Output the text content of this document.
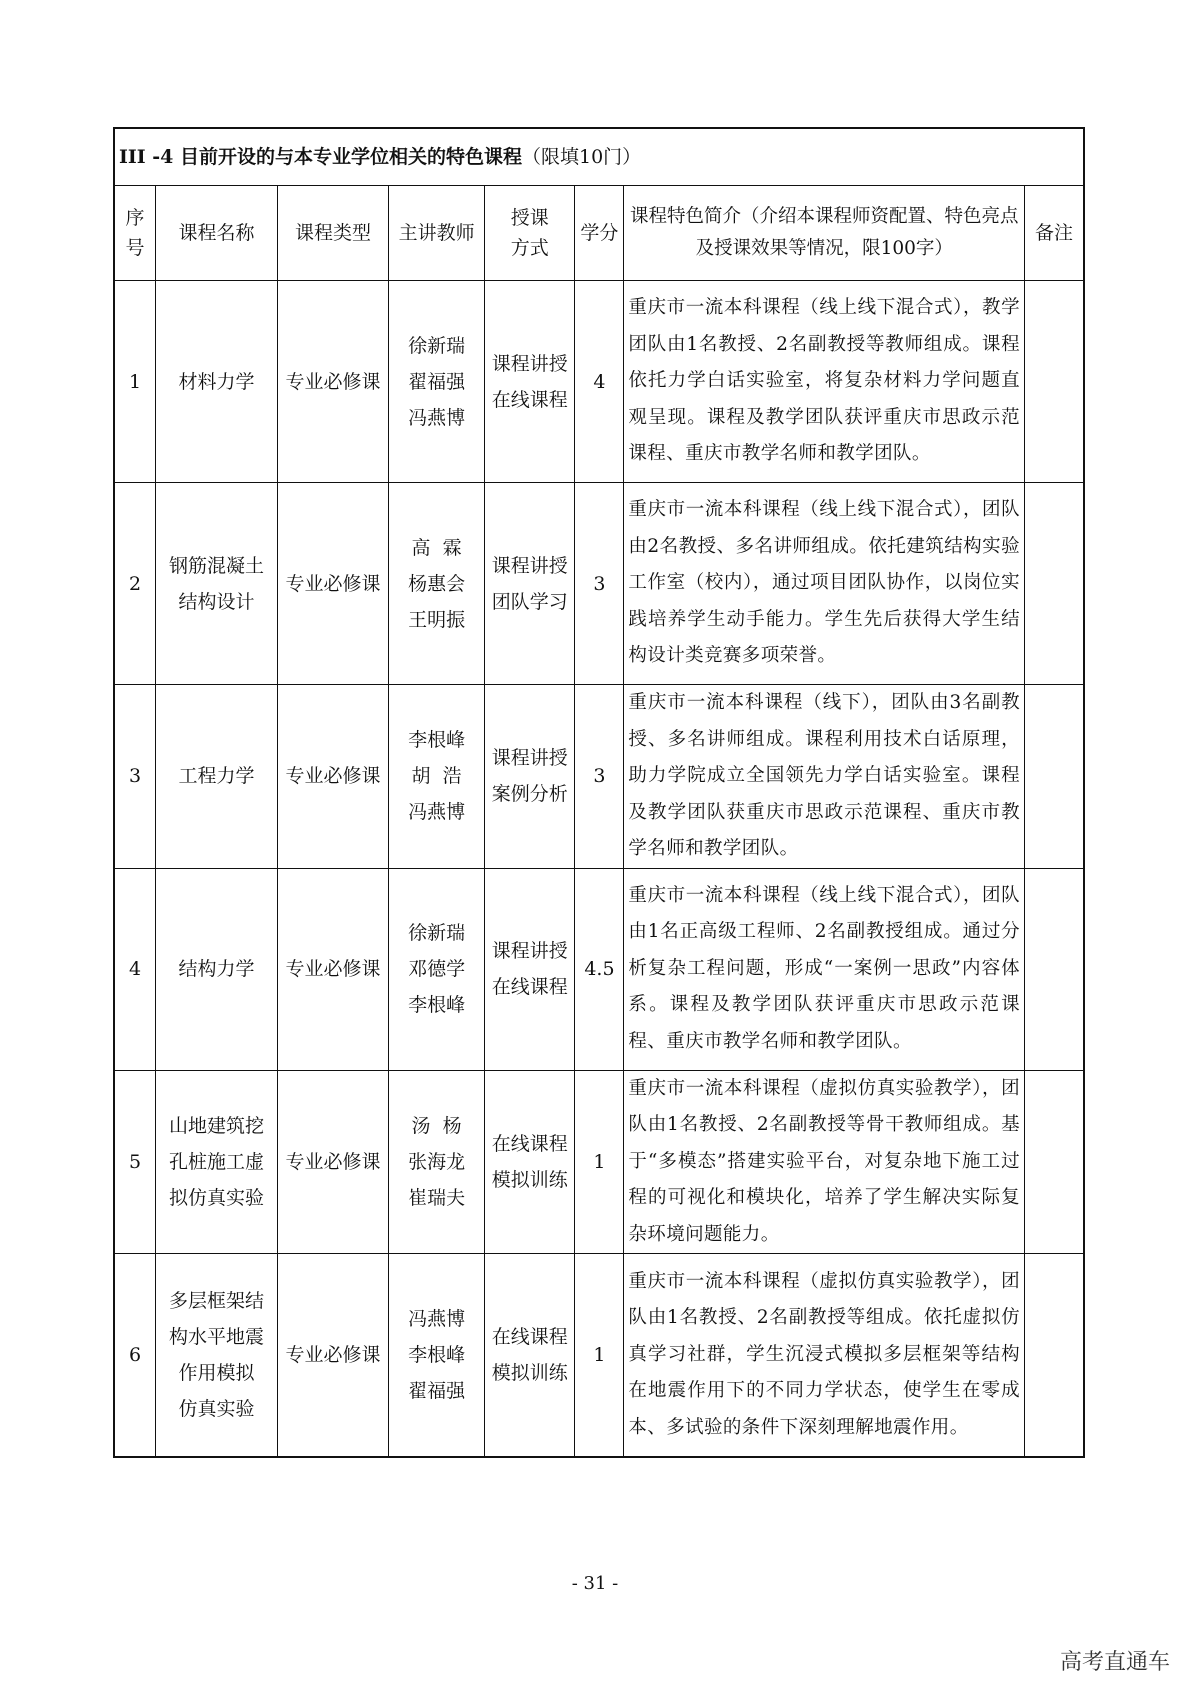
III -4 目前开设的与本专业学位相关的特色课程（限填10门）							

序
号	课程名称	课程类型	主讲教师	授课
方式	学分	课程特色简介（介绍本课程师资配置、特色亮点及授课效果等情况，限100字）	备注
1	材料力学	专业必修课	徐新瑞
翟福强
冯燕博	课程讲授
在线课程	4	重庆市一流本科课程（线上线下混合式），教学团队由1名教授、2名副教授等教师组成。课程依托力学白话实验室，将复杂材料力学问题直观呈现。课程及教学团队获评重庆市思政示范课程、重庆市教学名师和教学团队。	
2	钢筋混凝土
结构设计	专业必修课	高  霖
杨惠会
王明振	课程讲授
团队学习	3	重庆市一流本科课程（线上线下混合式），团队由2名教授、多名讲师组成。依托建筑结构实验工作室（校内），通过项目团队协作，以岗位实践培养学生动手能力。学生先后获得大学生结构设计类竞赛多项荣誉。	
3	工程力学	专业必修课	李根峰
胡  浩
冯燕博	课程讲授
案例分析	3	重庆市一流本科课程（线下），团队由3名副教授、多名讲师组成。课程利用技术白话原理，助力学院成立全国领先力学白话实验室。课程及教学团队获重庆市思政示范课程、重庆市教学名师和教学团队。	
4	结构力学	专业必修课	徐新瑞
邓德学
李根峰	课程讲授
在线课程	4.5	重庆市一流本科课程（线上线下混合式），团队由1名正高级工程师、2名副教授组成。通过分析复杂工程问题，形成“一案例一思政”内容体系。课程及教学团队获评重庆市思政示范课程、重庆市教学名师和教学团队。	
5	山地建筑挖
孔桩施工虚
拟仿真实验	专业必修课	汤  杨
张海龙
崔瑞夫	在线课程
模拟训练	1	重庆市一流本科课程（虚拟仿真实验教学），团队由1名教授、2名副教授等骨干教师组成。基于“多模态”搭建实验平台，对复杂地下施工过程的可视化和模块化，培养了学生解决实际复杂环境问题能力。	
6	多层框架结
构水平地震
作用模拟
仿真实验	专业必修课	冯燕博
李根峰
翟福强	在线课程
模拟训练	1	重庆市一流本科课程（虚拟仿真实验教学），团队由1名教授、2名副教授等组成。依托虚拟仿真学习社群，学生沉浸式模拟多层框架等结构在地震作用下的不同力学状态，使学生在零成本、多试验的条件下深刻理解地震作用。	
- 31 -
高考直通车
